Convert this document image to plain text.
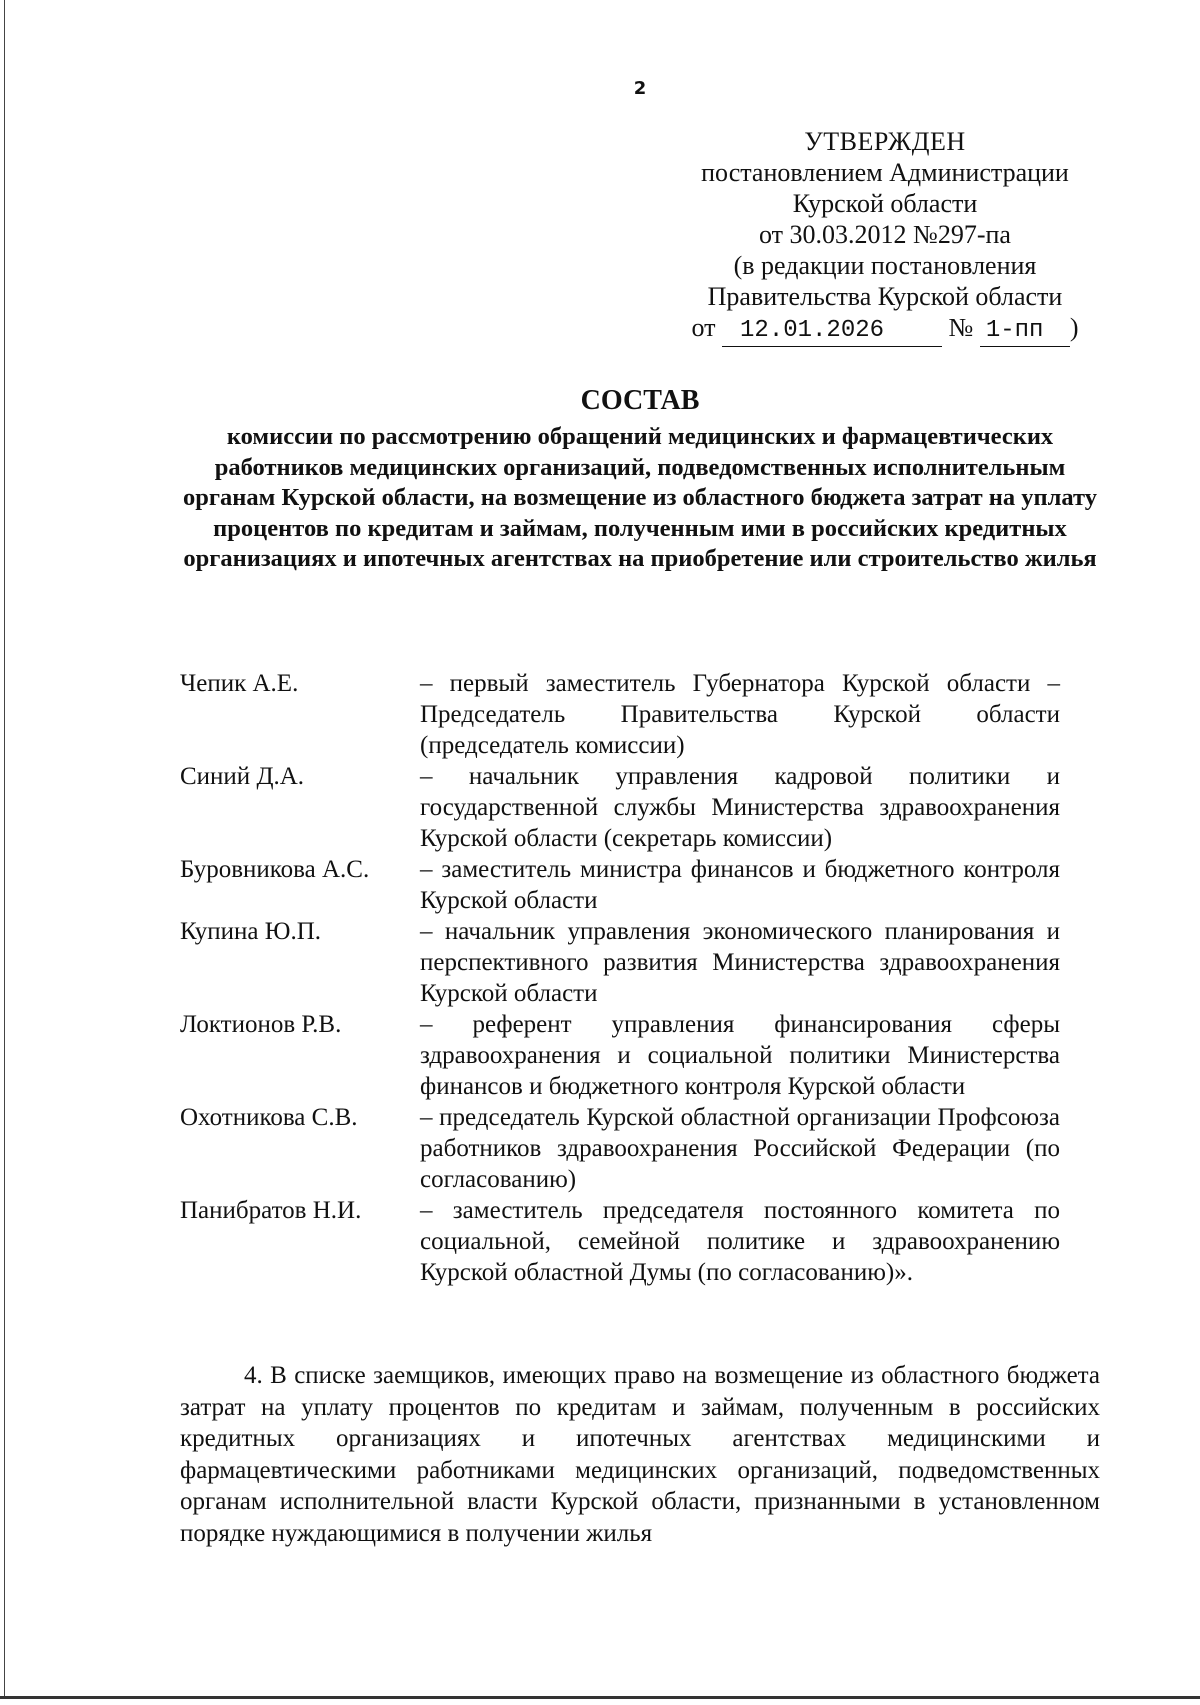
2
УТВЕРЖДЕН
постановлением Администрации
Курской области
от 30.03.2012 №297-па
(в редакции постановления
Правительства Курской области
от
	12.01.2026
	№
1-пп	)
СОСТАВ
комиссии по рассмотрению обращений медицинских и фармацевтических работников медицинских организаций, подведомственных исполнительным органам Курской области, на возмещение из областного бюджета затрат на уплату процентов по кредитам и займам, полученным ими в российских кредитных организациях и ипотечных агентствах на приобретение или строительство жилья
Чепик А.Е.	– первый заместитель Губернатора Курской области – Председатель Правительства Курской области (председатель комиссии)
Синий Д.А.	– начальник управления кадровой политики и государственной службы Министерства здравоохранения Курской области (секретарь комиссии)
Буровникова А.С.	– заместитель министра финансов и бюджетного контроля Курской области
Купина Ю.П.	– начальник управления экономического планирования и перспективного развития Министерства здравоохранения Курской области
Локтионов Р.В.	– референт управления финансирования сферы здравоохранения и социальной политики Министерства финансов и бюджетного контроля Курской области
Охотникова С.В.	– председатель Курской областной организации Профсоюза работников здравоохранения Российской Федерации (по согласованию)
Панибратов Н.И.	– заместитель председателя постоянного комитета по социальной, семейной политике и здравоохранению Курской областной Думы (по согласованию)».
4. В списке заемщиков, имеющих право на возмещение из областного бюджета затрат на уплату процентов по кредитам и займам, полученным в российских кредитных организациях и ипотечных агентствах медицинскими и фармацевтическими работниками медицинских организаций, подведомственных органам исполнительной власти Курской области, признанными в установленном порядке нуждающимися в получении жилья
